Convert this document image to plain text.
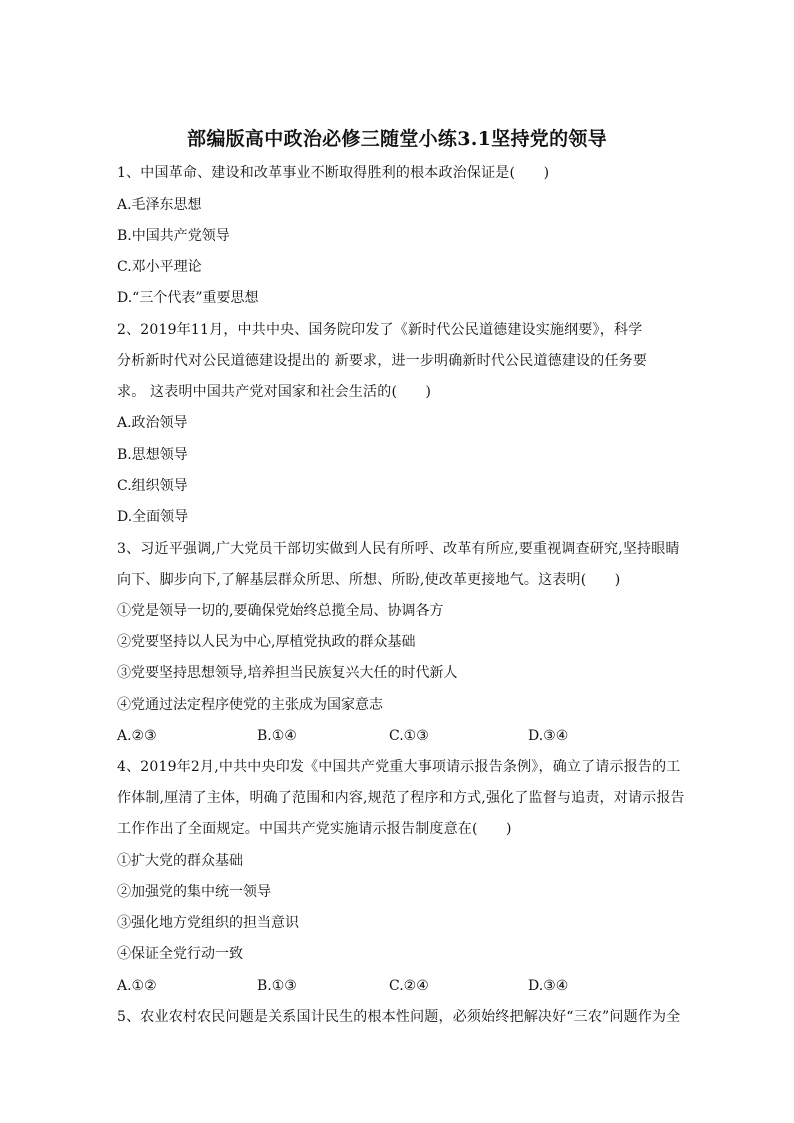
部编版高中政治必修三随堂小练3.1坚持党的领导
1、中国革命、建设和改革事业不断取得胜利的根本政治保证是(　　)
A.毛泽东思想
B.中国共产党领导
C.邓小平理论
D.“三个代表”重要思想
2、2019年11月，中共中央、国务院印发了《新时代公民道德建设实施纲要》，科学
分析新时代对公民道德建设提出的 新要求，进一步明确新时代公民道德建设的任务要
求。 这表明中国共产党对国家和社会生活的(　　)
A.政治领导
B.思想领导
C.组织领导
D.全面领导
3、习近平强调,广大党员干部切实做到人民有所呼、改革有所应,要重视调查研究,坚持眼睛
向下、脚步向下,了解基层群众所思、所想、所盼,使改革更接地气。这表明(　　)
①党是领导一切的,要确保党始终总揽全局、协调各方
②党要坚持以人民为中心,厚植党执政的群众基础
③党要坚持思想领导,培养担当民族复兴大任的时代新人
④党通过法定程序使党的主张成为国家意志
A.②③	B.①④	C.①③	D.③④
4、2019年2月,中共中央印发《中国共产党重大事项请示报告条例》，确立了请示报告的工
作体制,厘清了主体，明确了范围和内容,规范了程序和方式,强化了监督与追责，对请示报告
工作作出了全面规定。中国共产党实施请示报告制度意在(　　)
①扩大党的群众基础
②加强党的集中统一领导
③强化地方党组织的担当意识
④保证全党行动一致
A.①②	B.①③	C.②④	D.③④
5、农业农村农民问题是关系国计民生的根本性问题，必须始终把解决好“三农”问题作为全
